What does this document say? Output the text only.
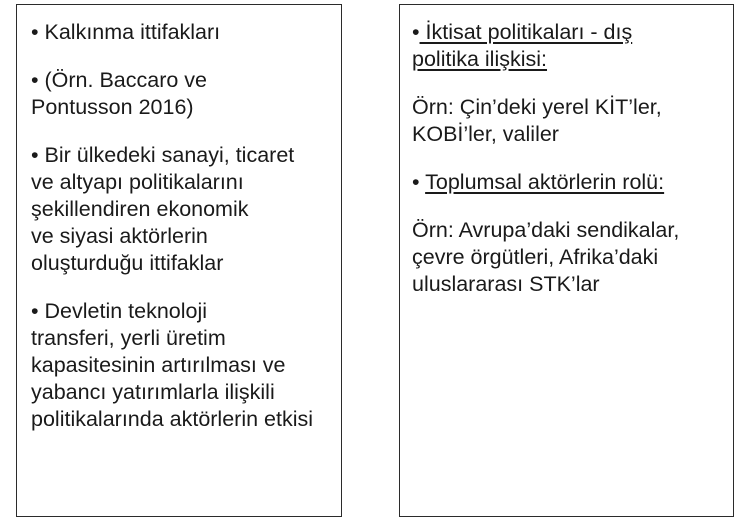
• Kalkınma ittifakları

• (Örn. Baccaro ve
Pontusson 2016)

• Bir ülkedeki sanayi, ticaret
ve altyapı politikalarını
şekillendiren ekonomik
ve siyasi aktörlerin
oluşturduğu ittifaklar

• Devletin teknoloji
transferi, yerli üretim
kapasitesinin artırılması ve
yabancı yatırımlarla ilişkili
politikalarında aktörlerin etkisi

• İktisat politikaları - dış
politika ilişkisi:

Örn: Çin’deki yerel KİT’ler,
KOBİ’ler, valiler

• Toplumsal aktörlerin rolü:

Örn: Avrupa’daki sendikalar,
çevre örgütleri, Afrika’daki
uluslararası STK’lar
